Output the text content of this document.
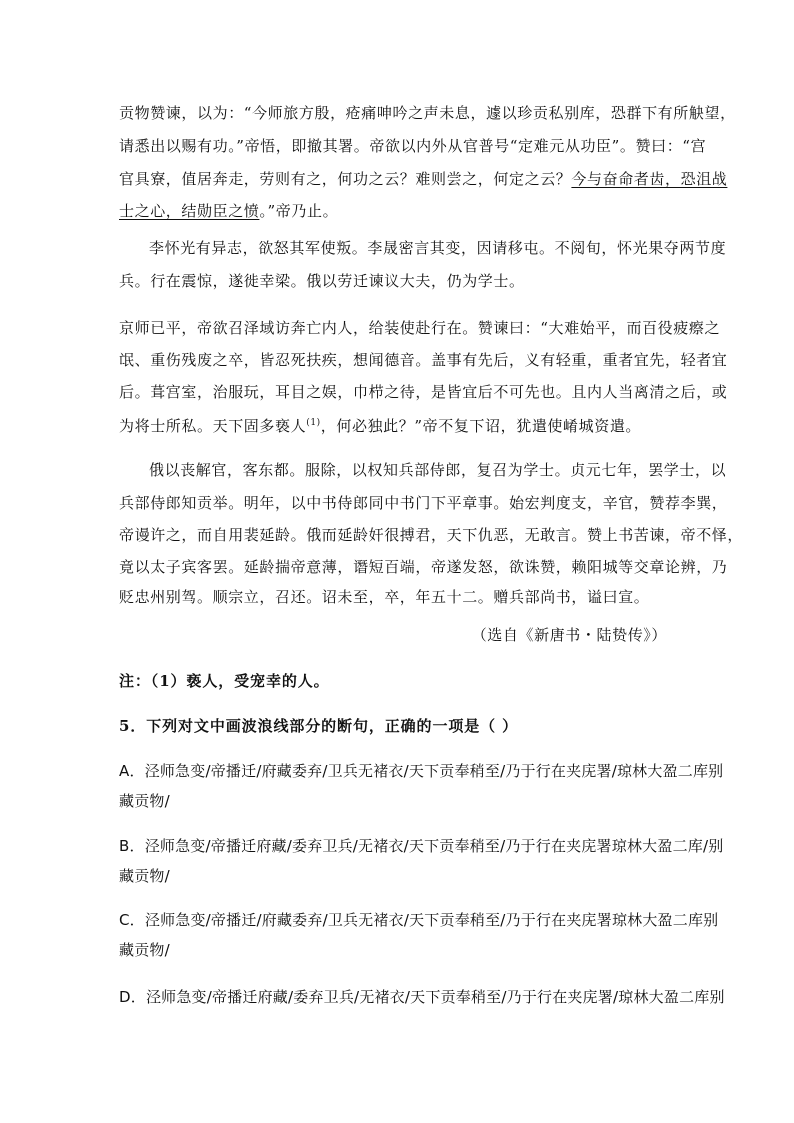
贡物赞谏，以为：“今师旅方殷，疮痛呻吟之声未息，遽以珍贡私别库，恐群下有所觖望，
请悉出以赐有功。”帝悟，即撤其署。帝欲以内外从官普号“定难元从功臣”。赞曰：“宫
官具寮，值居奔走，劳则有之，何功之云？难则尝之，何定之云？今与奋命者齿，恐沮战
士之心，结勋臣之愤。”帝乃止。
李怀光有异志，欲怒其军使叛。李晟密言其变，因请移屯。不阅旬，怀光果夺两节度
兵。行在震惊，遂徙幸梁。俄以劳迁谏议大夫，仍为学士。
京师已平，帝欲召泽域访奔亡内人，给装使赴行在。赞谏曰：“大难始平，而百役疲瘵之
氓、重伤残废之卒，皆忍死扶疾，想闻德音。盖事有先后，义有轻重，重者宜先，轻者宜
后。葺宫室，治服玩，耳目之娱，巾栉之待，是皆宜后不可先也。且内人当离清之后，或
为将士所私。天下固多亵人$^{(1)}$，何必独此？”帝不复下诏，犹遣使崤城资遣。
俄以丧解官，客东都。服除，以权知兵部侍郎，复召为学士。贞元七年，罢学士，以
兵部侍郎知贡举。明年，以中书侍郎同中书门下平章事。始宏判度支，辛官，赞荐李巽，
帝谩许之，而自用裴延龄。俄而延龄奸很搏君，天下仇恶，无敢言。赞上书苦谏，帝不怿，
竟以太子宾客罢。延龄揣帝意薄，谮短百端，帝遂发怒，欲诛赞，赖阳城等交章论辨，乃
贬忠州别驾。顺宗立，召还。诏未至，卒，年五十二。赠兵部尚书，谥曰宣。
（选自《新唐书・陆贽传》）
注：（1）亵人，受宠幸的人。
5．下列对文中画波浪线部分的断句，正确的一项是（ ）
A．泾师急变/帝播迁/府藏委弃/卫兵无褚衣/天下贡奉稍至/乃于行在夹庑署/琼林大盈二库别
藏贡物/
B．泾师急变/帝播迁府藏/委弃卫兵/无褚衣/天下贡奉稍至/乃于行在夹庑署琼林大盈二库/别
藏贡物/
C．泾师急变/帝播迁/府藏委弃/卫兵无褚衣/天下贡奉稍至/乃于行在夹庑署琼林大盈二库别
藏贡物/
D．泾师急变/帝播迁府藏/委弃卫兵/无褚衣/天下贡奉稍至/乃于行在夹庑署/琼林大盈二库别
